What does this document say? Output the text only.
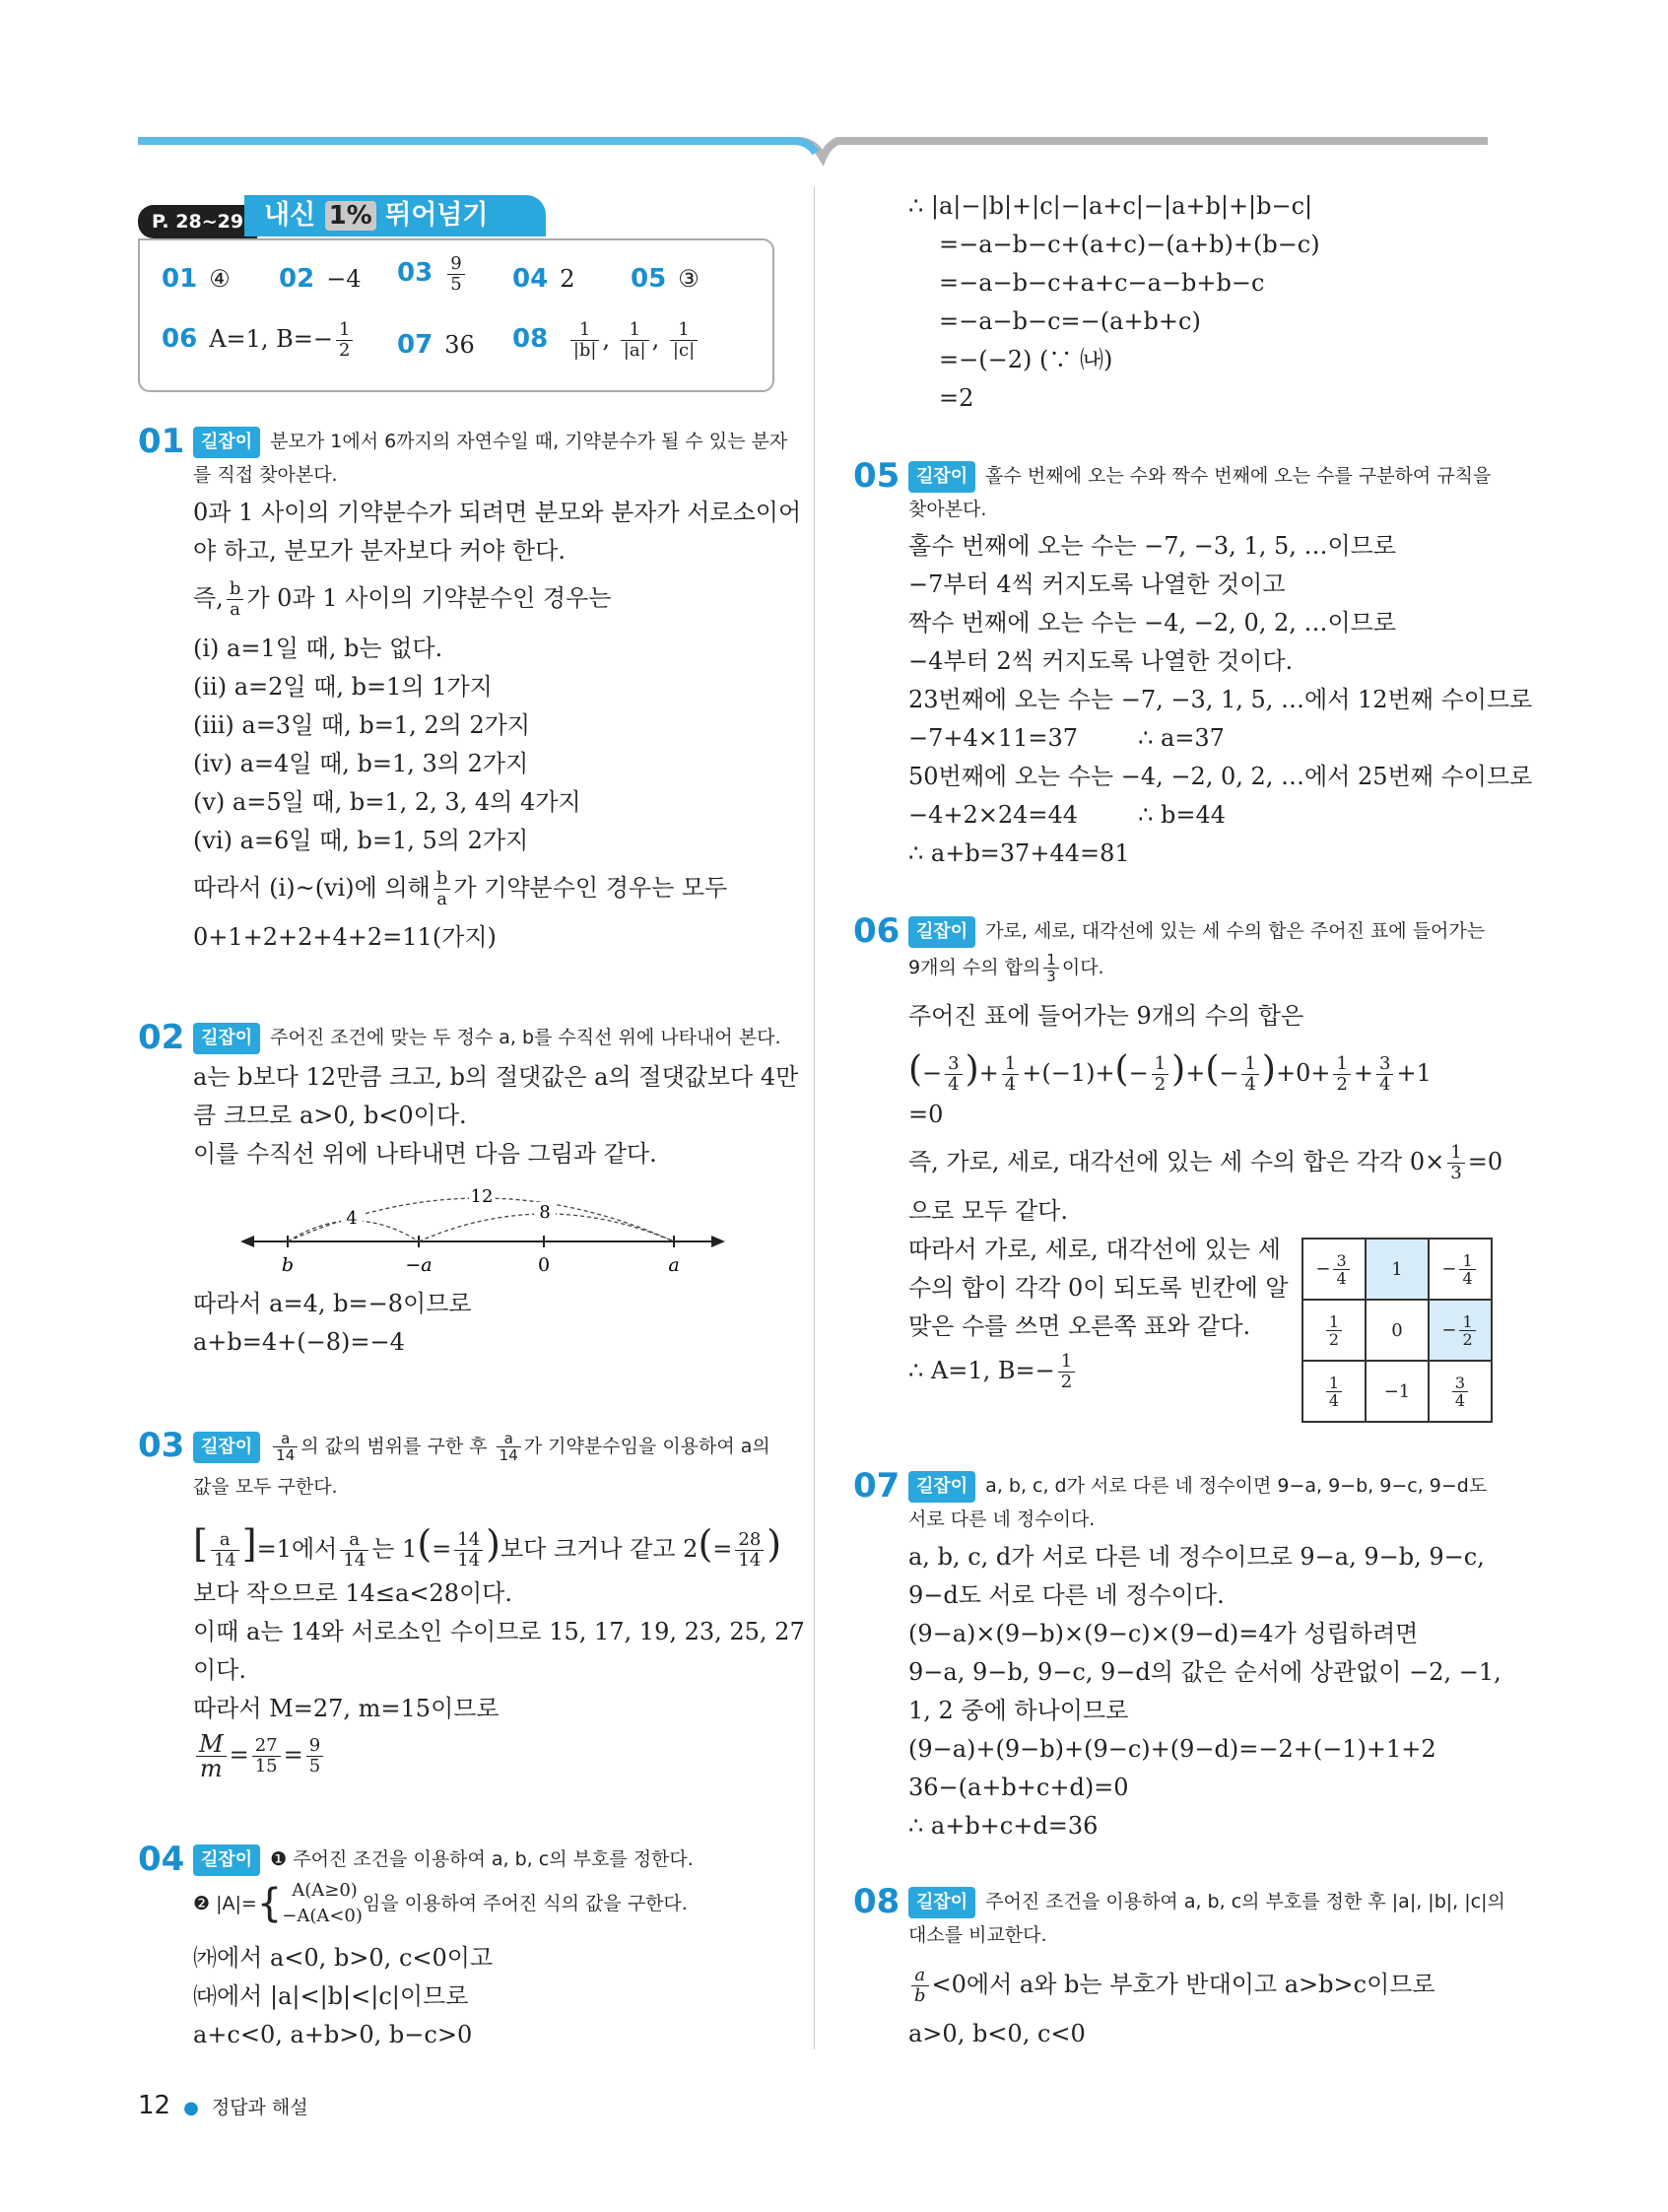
P. 28~29 내신 1% 뛰어넘기
01 ④ 02 −4 $03 \frac{9}{5} 04$ 2 05 ③
06 A=1, $B=- \frac{1}{2} 07$ 36 $08 \frac{1}{|b|}$ , $\frac{1}{|a|}$ , $\frac{1}{|c|}$
01 길잡이 분모가 1에서 6까지의 자연수일 때, 기약분수가 될 수 있는 분자
를 직접 찾아본다.
0과 1 사이의 기약분수가 되려면 분모와 분자가 서로소이어
야 하고, 분모가 분자보다 커야 한다.
즉, $\frac{b}{a}$ 가 0과 1 사이의 기약분수인 경우는
(ⅰ) a=1일 때, b는 없다.
(ⅱ) a=2일 때, b=1의 1가지
(ⅲ) a=3일 때, b=1, 2의 2가지
(ⅳ) a=4일 때, b=1, 3의 2가지
(ⅴ) a=5일 때, b=1, 2, 3, 4의 4가지
(ⅵ) a=6일 때, b=1, 5의 2가지
따라서 (ⅰ)~(ⅵ)에 의해 $\frac{b}{a}$ 가 기약분수인 경우는 모두
0+1+2+2+4+2=11(가지)
02 길잡이 주어진 조건에 맞는 두 정수 a, b를 수직선 위에 나타내어 본다.
a는 b보다 12만큼 크고, b의 절댓값은 a의 절댓값보다 4만
큼 크므로 a>0, b<0이다.
이를 수직선 위에 나타내면 다음 그림과 같다.
12
4	8
b	−a	0	a
따라서 a=4, b=−8이므로
a+b=4+(−8)=−4
03 길잡이 $\frac{a}{14}$ 의 값의 범위를 구한 후 $\frac{a}{14}$ 가 기약분수임을 이용하여 a의
값을 모두 구한다.
[ $\frac{a}{14} ]=1$에서 $\frac{a}{14}$ 는 $1(= \frac{14}{14}$ )보다 크거나 같고 $2(= \frac{28}{14}$ )
보다 작으므로 14≤a<28이다.
이때 a는 14와 서로소인 수이므로 15, 17, 19, 23, 25, 27
이다.
따라서 M=27, m=15이므로
$\frac{M}{m} = \frac{27}{15} = \frac{9}{5}$
04 길잡이 ❶ 주어진 조건을 이용하여 a, b, c의 부호를 정한다.
❷ |A|={ A(A≥0)
−A(A<0)
임을 이용하여 주어진 식의 값을 구한다.
㈎에서 a<0, b>0, c<0이고
㈐에서 |a|<|b|<|c|이므로
a+c<0, a+b>0, b−c>0
∴ |a|−|b|+|c|−|a+c|−|a+b|+|b−c|
=−a−b−c+(a+c)−(a+b)+(b−c)
=−a−b−c+a+c−a−b+b−c
=−a−b−c=−(a+b+c)
=−(−2) (∵ ㈏)
=2
05 길잡이 홀수 번째에 오는 수와 짝수 번째에 오는 수를 구분하여 규칙을
찾아본다.
홀수 번째에 오는 수는 −7, −3, 1, 5, …이므로
−7부터 4씩 커지도록 나열한 것이고
짝수 번째에 오는 수는 −4, −2, 0, 2, …이므로
−4부터 2씩 커지도록 나열한 것이다.
23번째에 오는 수는 −7, −3, 1, 5, …에서 12번째 수이므로
−7+4×11=37        ∴ a=37
50번째에 오는 수는 −4, −2, 0, 2, …에서 25번째 수이므로
−4+2×24=44        ∴ b=44
∴ a+b=37+44=81
06 길잡이 가로, 세로, 대각선에 있는 세 수의 합은 주어진 표에 들어가는
9개의 수의 합의 $\frac{1}{3}$ 이다.
주어진 표에 들어가는 9개의 수의 합은
(− $\frac{3}{4}$ )+ $\frac{1}{4} +(-1)+(- \frac{1}{2}$ )+(− $\frac{1}{4} )+0+ \frac{1}{2} + \frac{3}{4} +1$
=0
즉, 가로, 세로, 대각선에 있는 세 수의 합은 각각 $0\times \frac{1}{3} =0$
으로 모두 같다.
따라서 가로, 세로, 대각선에 있는 세
수의 합이 각각 0이 되도록 빈칸에 알
맞은 수를 쓰면 오른쪽 표와 같다.
∴ A=1, $B=- \frac{1}{2}$
− $\frac{3}{4}$	1	− $\frac{1}{4}$

$\frac{1}{2}$	0	− $\frac{1}{2}$

$\frac{1}{4}$	−1	$\frac{3}{4}$
07 길잡이 a, b, c, d가 서로 다른 네 정수이면 9−a, 9−b, 9−c, 9−d도
서로 다른 네 정수이다.
a, b, c, d가 서로 다른 네 정수이므로 9−a, 9−b, 9−c,
9−d도 서로 다른 네 정수이다.
(9−a)×(9−b)×(9−c)×(9−d)=4가 성립하려면
9−a, 9−b, 9−c, 9−d의 값은 순서에 상관없이 −2, −1,
1, 2 중에 하나이므로
(9−a)+(9−b)+(9−c)+(9−d)=−2+(−1)+1+2
36−(a+b+c+d)=0
∴ a+b+c+d=36
08 길잡이 주어진 조건을 이용하여 a, b, c의 부호를 정한 후 |a|, |b|, |c|의
대소를 비교한다.
$\frac{a}{b} <0$에서 a와 b는 부호가 반대이고 a>b>c이므로
a>0, b<0, c<0
12 ● 정답과 해설
